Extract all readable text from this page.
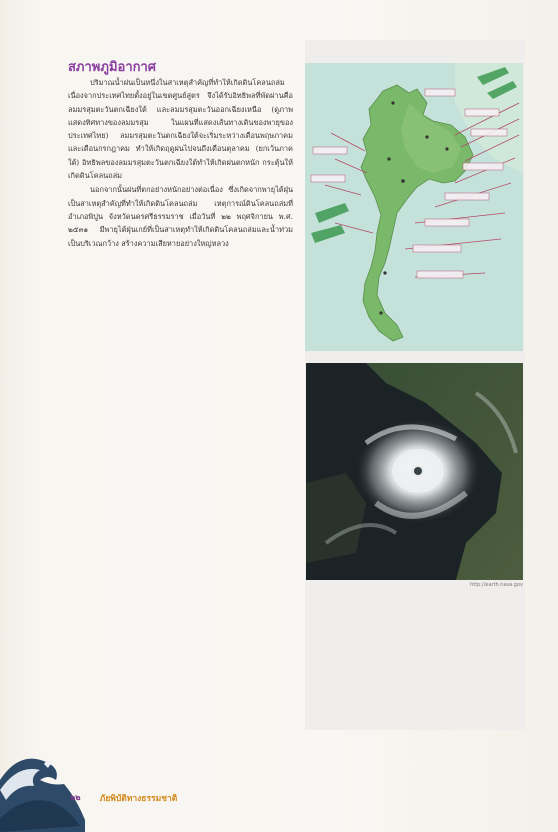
สภาพภูมิอากาศ

ปริมาณน้ำฝนเป็นหนึ่งในสาเหตุสำคัญที่ทำให้เกิดดินโคลนถล่ม เนื่องจากประเทศไทยตั้งอยู่ในเขตศูนย์สูตร จึงได้รับอิทธิพลที่พัดผ่านคือลมมรสุมตะวันตกเฉียงใต้ และลมมรสุมตะวันออกเฉียงเหนือ (ดูภาพแสดงทิศทางของลมมรสุม ในแผนที่แสดงเส้นทางเดินของพายุของประเทศไทย) ลมมรสุมตะวันตกเฉียงใต้จะเริ่มระหว่างเดือนพฤษภาคมและเดือนกรกฎาคม ทำให้เกิดฤดูฝนไปจนถึงเดือนตุลาคม (ยกเว้นภาคใต้) อิทธิพลของลมมรสุมตะวันตกเฉียงใต้ทำให้เกิดฝนตกหนัก กระตุ้นให้เกิดดินโคลนถล่ม

นอกจากนั้นฝนที่ตกอย่างหนักอย่างต่อเนื่อง ซึ่งเกิดจากพายุไต้ฝุ่น เป็นสาเหตุสำคัญที่ทำให้เกิดดินโคลนถล่ม เหตุการณ์ดินโคลนถล่มที่อำเภอพิปูน จังหวัดนครศรีธรรมราช เมื่อวันที่ ๒๒ พฤศจิกายน พ.ศ. ๒๕๓๑ มีพายุไต้ฝุ่นเกย์ที่เป็นสาเหตุทำให้เกิดดินโคลนถล่มและน้ำท่วมเป็นบริเวณกว้าง สร้างความเสียหายอย่างใหญ่หลวง

http://earth.nasa.gov
๒๒ ภัยพิบัติทางธรรมชาติ
